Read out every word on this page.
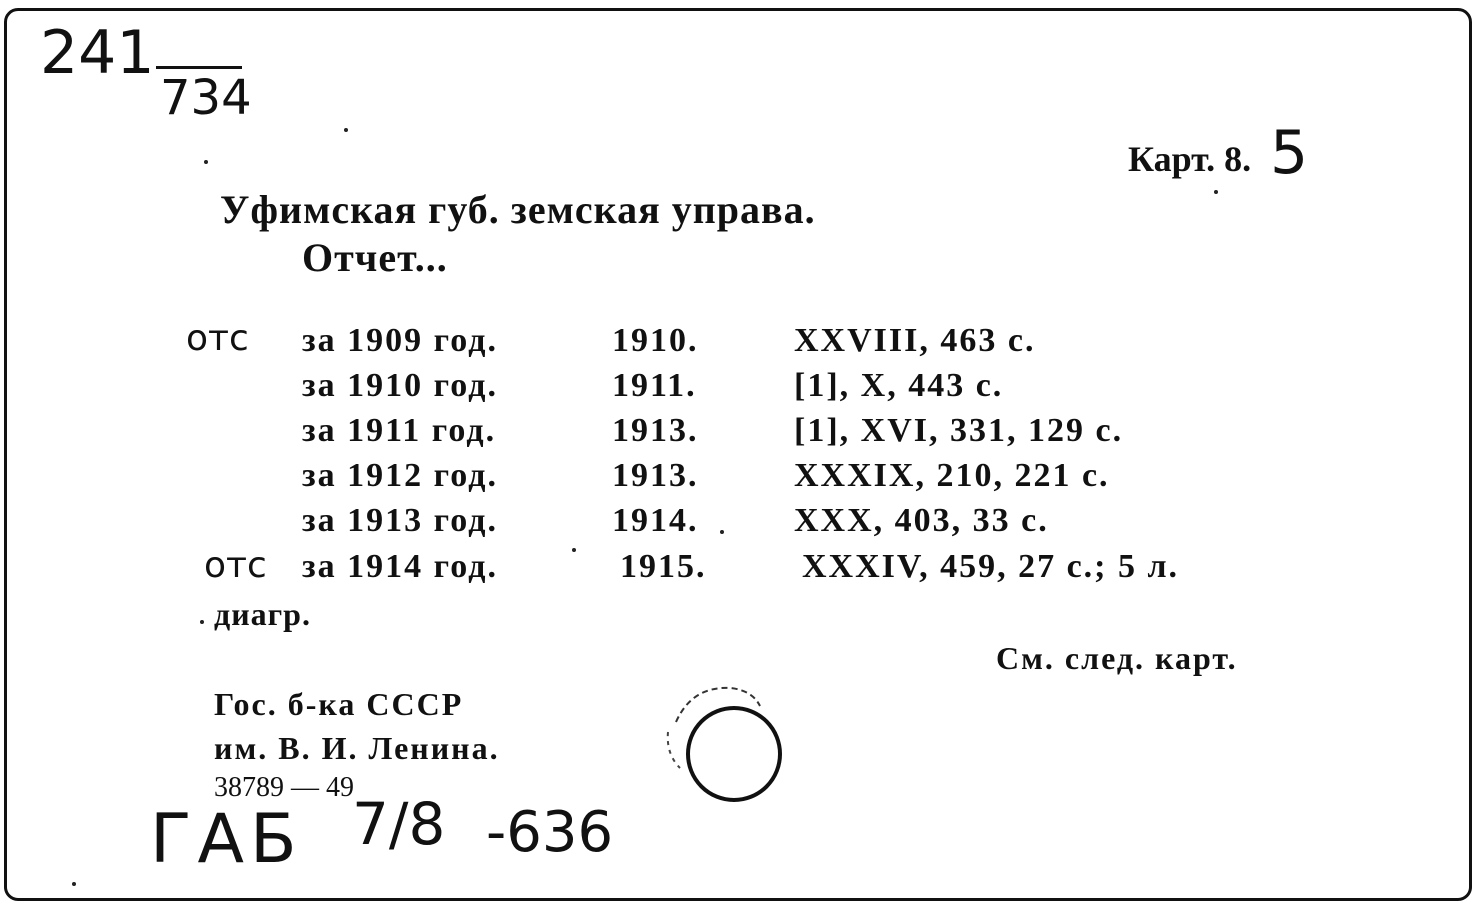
241
734
Карт. 8. 5
Уфимская губ. земская управа.
Отчет...
отс за 1909 год.	1910.	XXVIII, 463 с.
за 1910 год.	1911.	[1], X, 443 с.
за 1911 год.	1913.	[1], XVI, 331, 129 с.
за 1912 год.	1913.	XXXIX, 210, 221 с.
за 1913 год.	1914.	XXX, 403, 33 с.
отс за 1914 год.	1915.	XXXIV, 459, 27 с.; 5 л.
диагр.
См. след. карт.
Гос. б-ка СССР
им. В. И. Ленина.
38789 — 49
ГАБ 7/8 -636
